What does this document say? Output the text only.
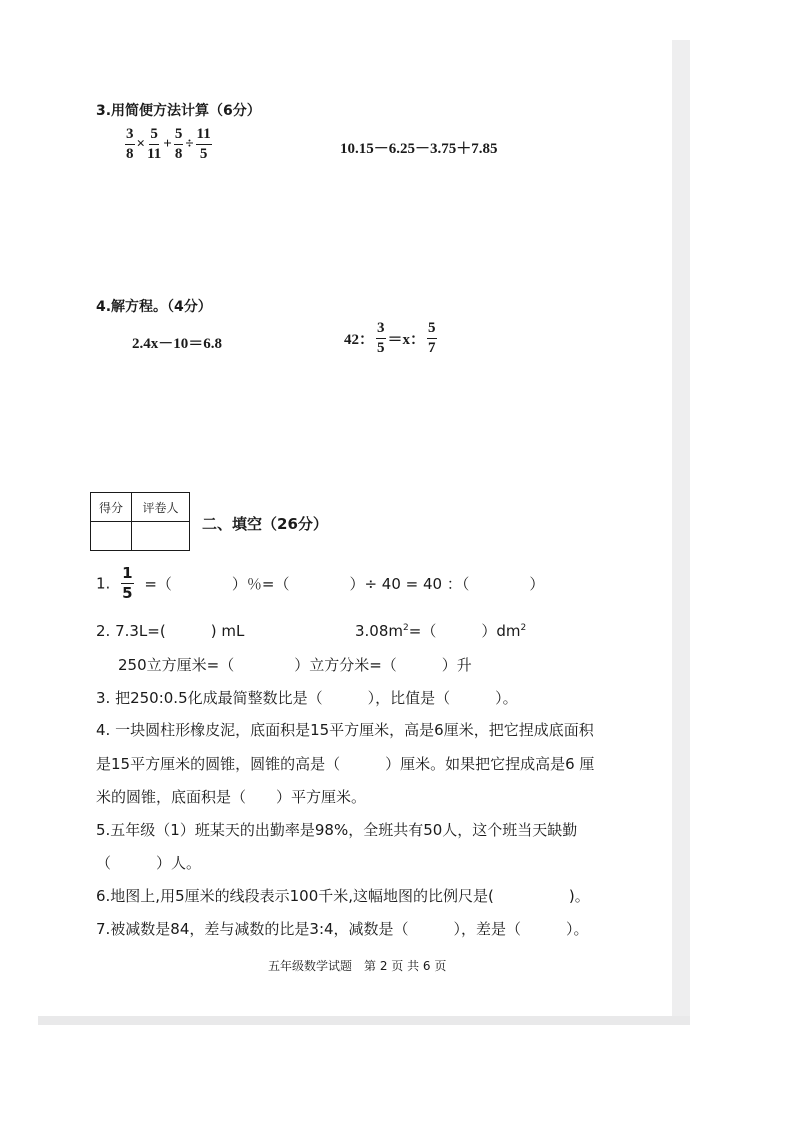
3.用简便方法计算（6分）
$\frac{3}{8} \times \frac{5}{11} + \frac{5}{8} \div \frac{11}{5}$	10.15－6.25－3.75＋7.85
4.解方程。（4分）
2.4x－10＝6.8	42： $\frac{3}{5} =x$： $\frac{5}{7}$
得分	评卷人

二、填空（26分）
1. $\frac{1}{5}$ =（　　　　）％=（　　　　）÷ 40 = 40 ：（　　　　）
2. 7.3L=(　　　) mL	$3.08m^2=$（　　　）$dm^2$
250立方厘米=（　　　　）立方分米=（　　　）升
3. 把250:0.5化成最简整数比是（　　　），比值是（　　　）。
4. 一块圆柱形橡皮泥，底面积是15平方厘米，高是6厘米，把它捏成底面积
是15平方厘米的圆锥，圆锥的高是（　　　）厘米。如果把它捏成高是6 厘
米的圆锥，底面积是（　　）平方厘米。
5.五年级（1）班某天的出勤率是98%，全班共有50人，这个班当天缺勤
（　　　）人。
6.地图上,用5厘米的线段表示100千米,这幅地图的比例尺是(　　　　　)。
7.被减数是84，差与减数的比是3:4，减数是（　　　），差是（　　　）。
五年级数学试题　第 2 页 共 6 页
